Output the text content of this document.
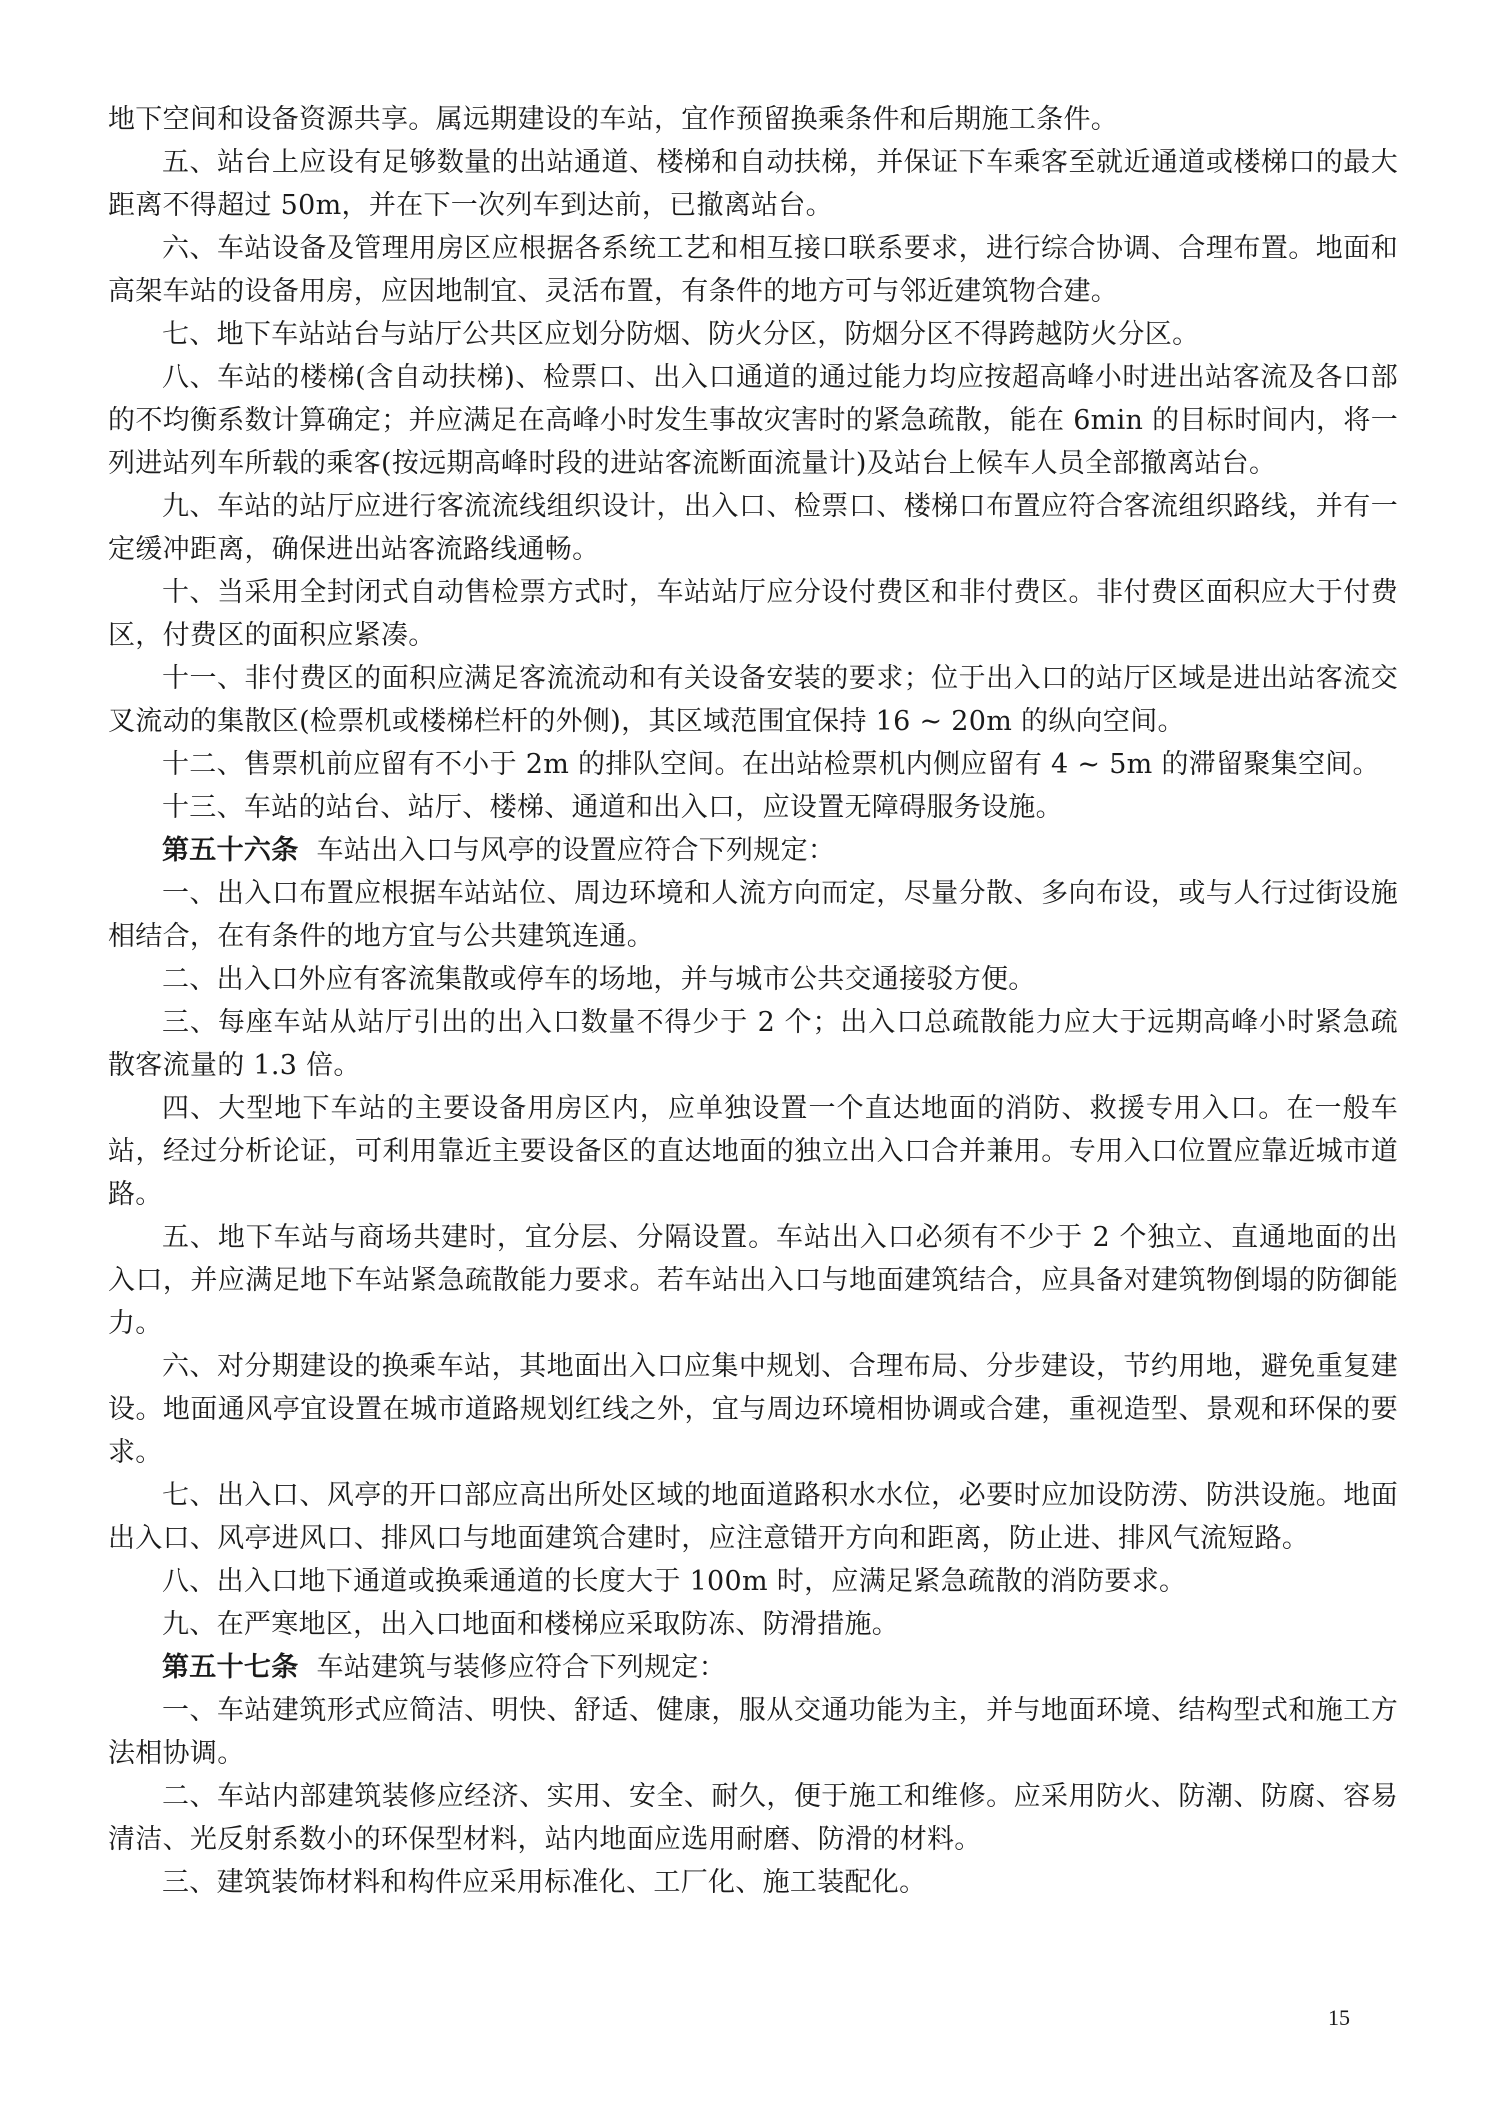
地下空间和设备资源共享。属远期建设的车站，宜作预留换乘条件和后期施工条件。

五、站台上应设有足够数量的出站通道、楼梯和自动扶梯，并保证下车乘客至就近通道或楼梯口的最大距离不得超过 50m，并在下一次列车到达前，已撤离站台。

六、车站设备及管理用房区应根据各系统工艺和相互接口联系要求，进行综合协调、合理布置。地面和高架车站的设备用房，应因地制宜、灵活布置，有条件的地方可与邻近建筑物合建。

七、地下车站站台与站厅公共区应划分防烟、防火分区，防烟分区不得跨越防火分区。

八、车站的楼梯(含自动扶梯)、检票口、出入口通道的通过能力均应按超高峰小时进出站客流及各口部的不均衡系数计算确定；并应满足在高峰小时发生事故灾害时的紧急疏散，能在 6min 的目标时间内，将一列进站列车所载的乘客(按远期高峰时段的进站客流断面流量计)及站台上候车人员全部撤离站台。

九、车站的站厅应进行客流流线组织设计，出入口、检票口、楼梯口布置应符合客流组织路线，并有一定缓冲距离，确保进出站客流路线通畅。

十、当采用全封闭式自动售检票方式时，车站站厅应分设付费区和非付费区。非付费区面积应大于付费区，付费区的面积应紧凑。

十一、非付费区的面积应满足客流流动和有关设备安装的要求；位于出入口的站厅区域是进出站客流交叉流动的集散区(检票机或楼梯栏杆的外侧)，其区域范围宜保持 16 ~ 20m 的纵向空间。

十二、售票机前应留有不小于 2m 的排队空间。在出站检票机内侧应留有 4 ~ 5m 的滞留聚集空间。

十三、车站的站台、站厅、楼梯、通道和出入口，应设置无障碍服务设施。

第五十六条 车站出入口与风亭的设置应符合下列规定：

一、出入口布置应根据车站站位、周边环境和人流方向而定，尽量分散、多向布设，或与人行过街设施相结合，在有条件的地方宜与公共建筑连通。

二、出入口外应有客流集散或停车的场地，并与城市公共交通接驳方便。

三、每座车站从站厅引出的出入口数量不得少于 2 个；出入口总疏散能力应大于远期高峰小时紧急疏散客流量的 1.3 倍。

四、大型地下车站的主要设备用房区内，应单独设置一个直达地面的消防、救援专用入口。在一般车站，经过分析论证，可利用靠近主要设备区的直达地面的独立出入口合并兼用。专用入口位置应靠近城市道路。

五、地下车站与商场共建时，宜分层、分隔设置。车站出入口必须有不少于 2 个独立、直通地面的出入口，并应满足地下车站紧急疏散能力要求。若车站出入口与地面建筑结合，应具备对建筑物倒塌的防御能力。

六、对分期建设的换乘车站，其地面出入口应集中规划、合理布局、分步建设，节约用地，避免重复建设。地面通风亭宜设置在城市道路规划红线之外，宜与周边环境相协调或合建，重视造型、景观和环保的要求。

七、出入口、风亭的开口部应高出所处区域的地面道路积水水位，必要时应加设防涝、防洪设施。地面出入口、风亭进风口、排风口与地面建筑合建时，应注意错开方向和距离，防止进、排风气流短路。

八、出入口地下通道或换乘通道的长度大于 100m 时，应满足紧急疏散的消防要求。

九、在严寒地区，出入口地面和楼梯应采取防冻、防滑措施。

第五十七条 车站建筑与装修应符合下列规定：

一、车站建筑形式应简洁、明快、舒适、健康，服从交通功能为主，并与地面环境、结构型式和施工方法相协调。

二、车站内部建筑装修应经济、实用、安全、耐久，便于施工和维修。应采用防火、防潮、防腐、容易清洁、光反射系数小的环保型材料，站内地面应选用耐磨、防滑的材料。

三、建筑装饰材料和构件应采用标准化、工厂化、施工装配化。

15
